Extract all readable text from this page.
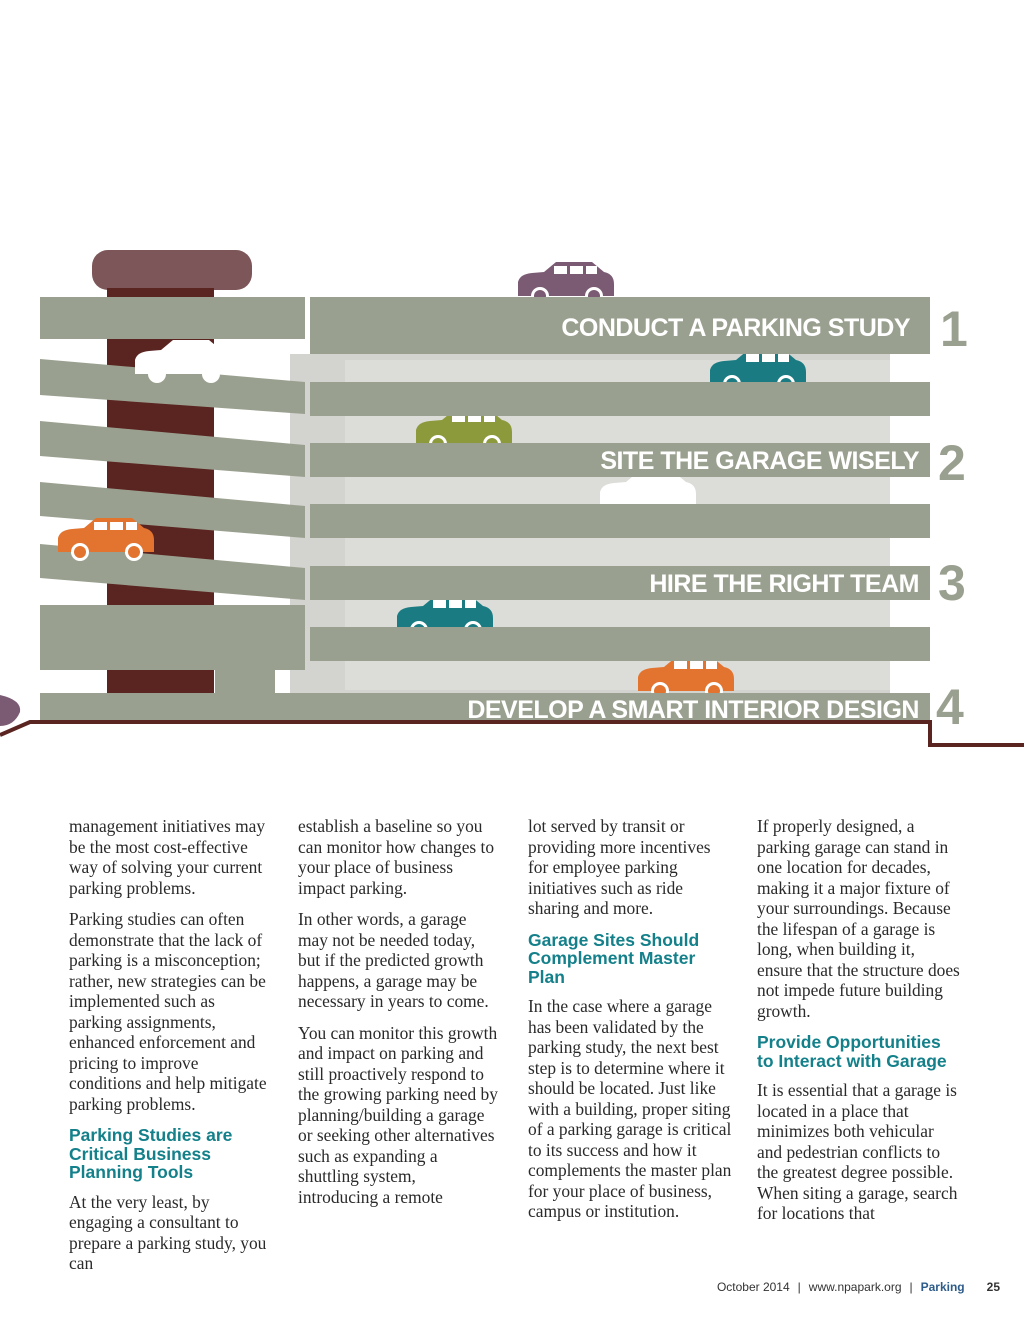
CONDUCT A PARKING STUDY 1
SITE THE GARAGE WISELY 2
HIRE THE RIGHT TEAM 3
DEVELOP A SMART INTERIOR DESIGN 4

management initiatives may be the most cost-effective way of solving your current parking problems.

Parking studies can often demonstrate that the lack of parking is a misconception; rather, new strategies can be implemented such as parking assignments, enhanced enforcement and pricing to improve conditions and help mitigate parking problems.

Parking Studies are Critical Business Planning Tools

At the very least, by engaging a consultant to prepare a parking study, you can

establish a baseline so you can monitor how changes to your place of business impact parking.

In other words, a garage may not be needed today, but if the predicted growth happens, a garage may be necessary in years to come.

You can monitor this growth and impact on parking and still proactively respond to the growing parking need by planning/building a garage or seeking other alternatives such as expanding a shuttling system, introducing a remote

lot served by transit or providing more incentives for employee parking initiatives such as ride sharing and more.

Garage Sites Should Complement Master Plan

In the case where a garage has been validated by the parking study, the next best step is to determine where it should be located. Just like with a building, proper siting of a parking garage is critical to its success and how it complements the master plan for your place of business, campus or institution.

If properly designed, a parking garage can stand in one location for decades, making it a major fixture of your surroundings. Because the lifespan of a garage is long, when building it, ensure that the structure does not impede future building growth.

Provide Opportunities to Interact with Garage

It is essential that a garage is located in a place that minimizes both vehicular and pedestrian conflicts to the greatest degree possible. When siting a garage, search for locations that

October 2014 | www.npapark.org | Parking 25
